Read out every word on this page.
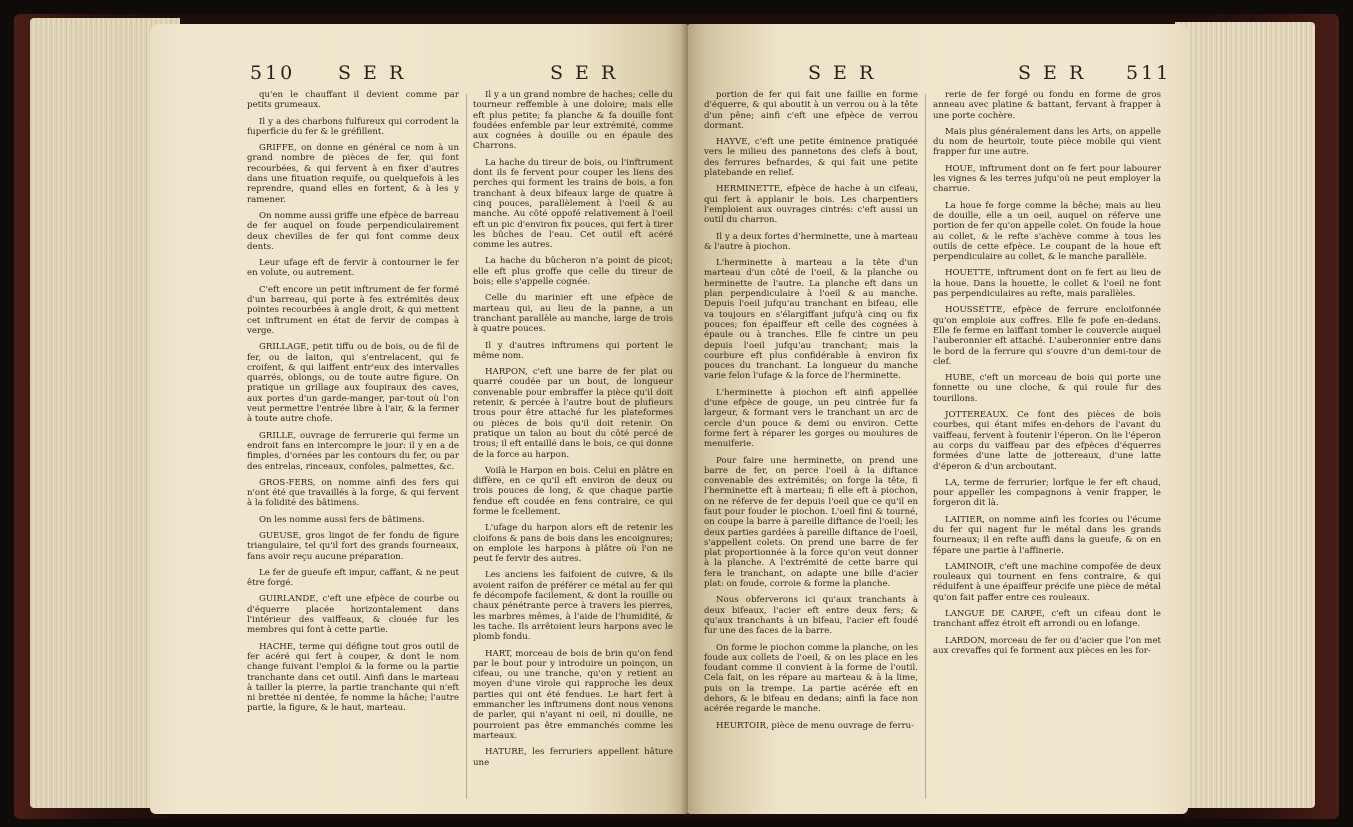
510 S E R	S E R

qu'en le chauffant il devient comme par petits grumeaux.

Il y a des charbons fulfureux qui corrodent la fuperficie du fer & le gréfillent.

GRIFFE, on donne en général ce nom à un grand nombre de pièces de fer, qui font recourbées, & qui fervent à en fixer d'autres dans une fituation requife, ou quelquefois à les reprendre, quand elles en fortent, & à les y ramener.

On nomme aussi griffe une efpèce de barreau de fer auquel on foude perpendiculairement deux chevilles de fer qui font comme deux dents.

Leur ufage eft de fervir à contourner le fer en volute, ou autrement.

C'eft encore un petit inftrument de fer formé d'un barreau, qui porte à fes extrémités deux pointes recourbées à angle droit, & qui mettent cet inftrument en état de fervir de compas à verge.

GRILLAGE, petit tiffu ou de bois, ou de fil de fer, ou de laiton, qui s'entrelacent, qui fe croifent, & qui laiffent entr'eux des intervalles quarrés, oblongs, ou de toute autre figure. On pratique un grillage aux foupiraux des caves, aux portes d'un garde-manger, par-tout où l'on veut permettre l'entrée libre à l'air, & la fermer à toute autre chofe.

GRILLE, ouvrage de ferrurerie qui ferme un endroit fans en intercompre le jour: il y en a de fimples, d'ornées par les contours du fer, ou par des entrelas, rinceaux, confoles, palmettes, &c.

GROS-FERS, on nomme ainfi des fers qui n'ont été que travaillés à la forge, & qui fervent à la folidité des bâtimens.

On les nomme aussi fers de bâtimens.

GUEUSE, gros lingot de fer fondu de figure triangulaire, tel qu'il fort des grands fourneaux, fans avoir reçu aucune préparation.

Le fer de gueufe eft impur, caffant, & ne peut être forgé.

GUIRLANDE, c'eft une efpèce de courbe ou d'équerre placée horizontalement dans l'intérieur des vaiffeaux, & clouée fur les membres qui font à cette partie.

HACHE, terme qui défigne tout gros outil de fer acéré qui fert à couper, & dont le nom change fuivant l'emploi & la forme ou la partie tranchante dans cet outil. Ainfi dans le marteau à tailler la pierre, la partie tranchante qui n'eft ni brettée ni dentée, fe nomme la hâche; l'autre partie, la figure, & le haut, marteau.

Il y a un grand nombre de haches; celle du tourneur reffemble à une doloire; mais elle eft plus petite; fa planche & fa douille font foudées enfemble par leur extrémité, comme aux cognées à douille ou en épaule des Charrons.

La hache du tireur de bois, ou l'inftrument dont ils fe fervent pour couper les liens des perches qui forment les trains de bois, a fon tranchant à deux bifeaux large de quatre à cinq pouces, parallèlement à l'oeil & au manche. Au côté oppofé relativement à l'oeil eft un pic d'environ fix pouces, qui fert à tirer les bûches de l'eau. Cet outil eft acéré comme les autres.

La hache du bûcheron n'a point de picot; elle eft plus groffe que celle du tireur de bois; elle s'appelle cognée.

Celle du marinier eft une efpèce de marteau qui, au lieu de la panne, a un tranchant parallèle au manche, large de trois à quatre pouces.

Il y d'autres inftrumens qui portent le même nom.

HARPON, c'eft une barre de fer plat ou quarré coudée par un bout, de longueur convenable pour embraffer la pièce qu'il doit retenir, & percée à l'autre bout de plufieurs trous pour être attaché fur les plateformes ou pièces de bois qu'il doit retenir. On pratique un talon au bout du côté percé de trous; il eft entaillé dans le bois, ce qui donne de la force au harpon.

Voilà le Harpon en bois. Celui en plâtre en diffère, en ce qu'il eft environ de deux ou trois pouces de long, & que chaque partie fendue eft coudée en fens contraire, ce qui forme le fcellement.

L'ufage du harpon alors eft de retenir les cloifons & pans de bois dans les encoignures; on emploie les harpons à plâtre où l'on ne peut fe fervir des autres.

Les anciens les faifoient de cuivre, & ils avoient raifon de préférer ce métal au fer qui fe décompofe facilement, & dont la rouille ou chaux pénétrante perce à travers les pierres, les marbres mêmes, à l'aide de l'humidité, & les tache. Ils arrêtoient leurs harpons avec le plomb fondu.

HART, morceau de bois de brin qu'on fend par le bout pour y introduire un poinçon, un cifeau, ou une tranche, qu'on y retient au moyen d'une virole qui rapproche les deux parties qui ont été fendues. Le hart fert à emmancher les inftrumens dont nous venons de parler, qui n'ayant ni oeil, ni douille, ne pourroient pas être emmanchés comme les marteaux.

HATURE, les ferruriers appellent hâture une

S E R	S E R 511

portion de fer qui fait une faillie en forme d'équerre, & qui aboutit à un verrou ou à la tête d'un pêne; ainfi c'eft une efpèce de verrou dormant.

HAYVE, c'eft une petite éminence pratiquée vers le milieu des pannetons des clefs à bout, des ferrures befnardes, & qui fait une petite platebande en relief.

HERMINETTE, efpèce de hache à un cifeau, qui fert à applanir le bois. Les charpentiers l'emploient aux ouvrages cintrés: c'eft aussi un outil du charron.

Il y a deux fortes d'herminette, une à marteau & l'autre à piochon.

L'herminette à marteau a la tête d'un marteau d'un côté de l'oeil, & la planche ou herminette de l'autre. La planche eft dans un plan perpendiculaire à l'oeil & au manche. Depuis l'oeil jufqu'au tranchant en bifeau, elle va toujours en s'élargiffant jufqu'à cinq ou fix pouces; fon épaiffeur eft celle des cognées à épaule ou à tranches. Elle fe cintre un peu depuis l'oeil jufqu'au tranchant; mais la courbure eft plus confidérable à environ fix pouces du tranchant. La longueur du manche varie felon l'ufage & la force de l'herminette.

L'herminette à piochon eft ainfi appellée d'une efpèce de gouge, un peu cintrée fur fa largeur, & formant vers le tranchant un arc de cercle d'un pouce & demi ou environ. Cette forme fert à réparer les gorges ou moulures de menuiferie.

Pour faire une herminette, on prend une barre de fer, on perce l'oeil à la diftance convenable des extrémités; on forge la tête, fi l'herminette eft à marteau; fi elle eft à piochon, on ne réferve de fer depuis l'oeil que ce qu'il en faut pour fouder le piochon. L'oeil fini & tourné, on coupe la barre à pareille diftance de l'oeil; les deux parties gardées à pareille diftance de l'oeil, s'appellent colets. On prend une barre de fer plat proportionnée à la force qu'on veut donner à la planche. A l'extrémité de cette barre qui fera le tranchant, on adapte une bille d'acier plat: on foude, corroie & forme la planche.

Nous obferverons ici qu'aux tranchants à deux bifeaux, l'acier eft entre deux fers; & qu'aux tranchants à un bifeau, l'acier eft foudé fur une des faces de la barre.

On forme le piochon comme la planche, on les foude aux collets de l'oeil, & on les place en les foudant comme il convient à la forme de l'outil. Cela fait, on les répare au marteau & à la lime, puis on la trempe. La partie acérée eft en dehors, & le bifeau en dedans; ainfi la face non acérée regarde le manche.

HEURTOIR, pièce de menu ouvrage de ferru-

rerie de fer forgé ou fondu en forme de gros anneau avec platine & battant, fervant à frapper à une porte cochère.

Mais plus généralement dans les Arts, on appelle du nom de heurtoir, toute pièce mobile qui vient frapper fur une autre.

HOUE, inftrument dont on fe fert pour labourer les vignes & les terres jufqu'où ne peut employer la charrue.

La houe fe forge comme la bêche; mais au lieu de douille, elle a un oeil, auquel on réferve une portion de fer qu'on appelle colet. On foude la houe au collet, & le refte s'achève comme à tous les outils de cette efpèce. Le coupant de la houe eft perpendiculaire au collet, & le manche parallèle.

HOUETTE, inftrument dont on fe fert au lieu de la houe. Dans la houette, le collet & l'oeil ne font pas perpendiculaires au refte, mais parallèles.

HOUSSETTE, efpèce de ferrure encloifonnée qu'on emploie aux coffres. Elle fe pofe en-dedans. Elle fe ferme en laiffant tomber le couvercle auquel l'auberonnier eft attaché. L'auberonnier entre dans le bord de la ferrure qui s'ouvre d'un demi-tour de clef.

HUBE, c'eft un morceau de bois qui porte une fonnette ou une cloche, & qui roule fur des tourillons.

JOTTEREAUX. Ce font des pièces de bois courbes, qui étant mifes en-dehors de l'avant du vaiffeau, fervent à foutenir l'éperon. On lie l'éperon au corps du vaiffeau par des efpèces d'équerres formées d'une latte de jottereaux, d'une latte d'éperon & d'un arcboutant.

LA, terme de ferrurier; lorfque le fer eft chaud, pour appeller les compagnons à venir frapper, le forgeron dit là.

LAITIER, on nomme ainfi les fcories ou l'écume du fer qui nagent fur le métal dans les grands fourneaux; il en refte auffi dans la gueufe, & on en fépare une partie à l'affinerie.

LAMINOIR, c'eft une machine compofée de deux rouleaux qui tournent en fens contraire, & qui réduifent à une épaiffeur précife une pièce de métal qu'on fait paffer entre ces rouleaux.

LANGUE DE CARPE, c'eft un cifeau dont le tranchant affez étroit eft arrondi ou en lofange.

LARDON, morceau de fer ou d'acier que l'on met aux crevaffes qui fe forment aux pièces en les for-
